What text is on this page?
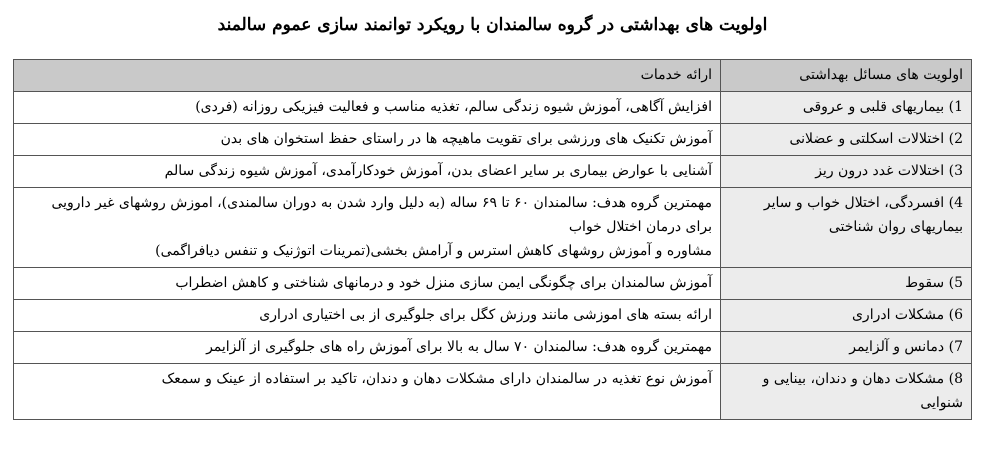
اولویت های بهداشتی در گروه سالمندان با رویکرد توانمند سازی عموم سالمند
اولویت های مسائل بهداشتی	ارائه خدمات
1) بیماریهای قلبی و عروقی	افزایش آگاهی، آموزش شیوه زندگی سالم، تغذیه مناسب و فعالیت فیزیکی روزانه (فردی)

2) اختلالات اسکلتی و عضلانی	آموزش تکنیک های ورزشی برای تقویت ماهیچه ها در راستای حفظ استخوان های بدن

3) اختلالات غدد درون ریز	آشنایی با عوارض بیماری بر سایر اعضای بدن، آموزش خودکارآمدی، آموزش شیوه زندگی سالم

4) افسردگی، اختلال خواب و سایر بیماریهای روان شناختی	مهمترین گروه هدف: سالمندان ۶۰ تا ۶۹ ساله (به دلیل وارد شدن به دوران سالمندی)، اموزش روشهای غیر دارویی برای درمان اختلال خواب
مشاوره و آموزش روشهای کاهش استرس و آرامش بخشی(تمرینات اتوژنیک و تنفس دیافراگمی)

5) سقوط	آموزش سالمندان برای چگونگی ایمن سازی منزل خود و درمانهای شناختی و کاهش اضطراب

6) مشکلات ادراری	ارائه بسته های اموزشی مانند ورزش کگل برای جلوگیری از بی اختیاری ادراری

7) دمانس و آلزایمر	مهمترین گروه هدف: سالمندان ۷۰ سال به بالا برای آموزش راه های جلوگیری از آلزایمر

8) مشکلات دهان و دندان، بینایی و شنوایی	آموزش نوع تغذیه در سالمندان دارای مشکلات دهان و دندان، تاکید بر استفاده از عینک و سمعک
